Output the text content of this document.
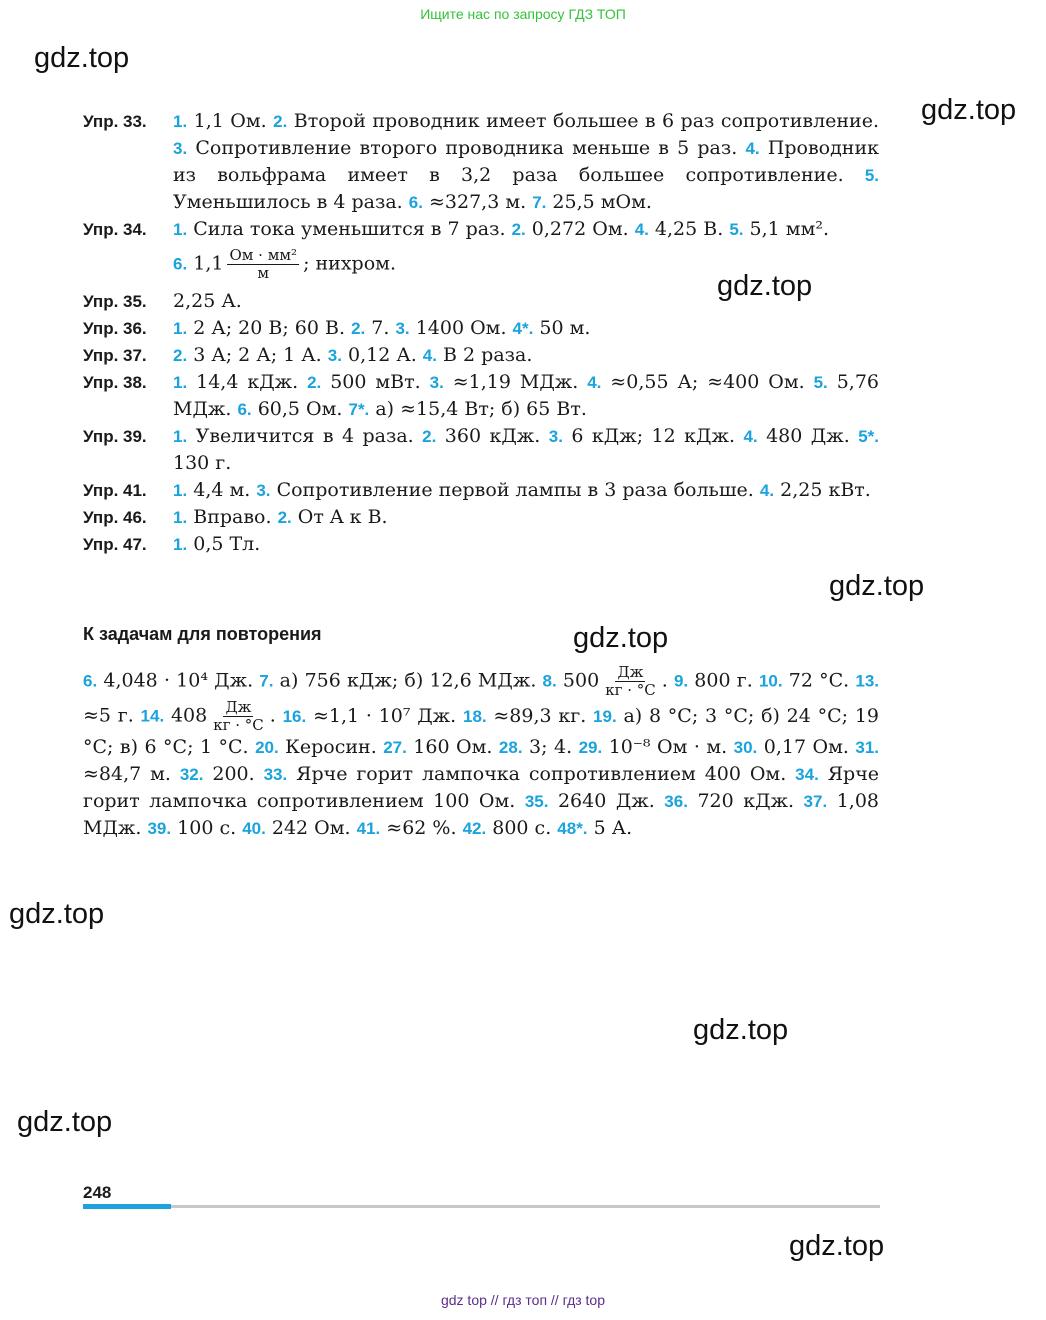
Ищите нас по запросу ГДЗ ТОП
gdz.top
gdz.top
gdz.top
gdz.top
gdz.top
gdz.top
gdz.top
gdz.top
gdz.top
Упр. 33.	1. 1,1 Ом. 2. Второй проводник имеет большее в 6 раз сопротивление. 3. Сопротивление второго проводника меньше в 5 раз. 4. Проводник из вольфрама имеет в 3,2 раза большее сопротивление. 5. Уменьшилось в 4 раза. 6. ≈327,3 м. 7. 25,5 мОм.
Упр. 34.	1. Сила тока уменьшится в 7 раз. 2. 0,272 Ом. 4. 4,25 В. 5. 5,1 мм².
6. $1,1 \frac{\text{Ом · мм²}}{м}$ ; нихром.
Упр. 35.	2,25 А.
Упр. 36.	1. 2 А; 20 В; 60 В. 2. 7. 3. 1400 Ом. 4*. 50 м.
Упр. 37.	2. 3 А; 2 А; 1 А. 3. 0,12 А. 4. В 2 раза.
Упр. 38.	1. 14,4 кДж. 2. 500 мВт. 3. ≈1,19 МДж. 4. ≈0,55 А; ≈400 Ом. 5. 5,76 МДж. 6. 60,5 Ом. 7*. а) ≈15,4 Вт; б) 65 Вт.
Упр. 39.	1. Увеличится в 4 раза. 2. 360 кДж. 3. 6 кДж; 12 кДж. 4. 480 Дж. 5*. 130 г.
Упр. 41.	1. 4,4 м. 3. Сопротивление первой лампы в 3 раза больше. 4. 2,25 кВт.
Упр. 46.	1. Вправо. 2. От A к B.
Упр. 47.	1. 0,5 Тл.
К задачам для повторения
6. 4,048 · 10⁴ Дж. 7. а) 756 кДж; б) 12,6 МДж. 8. $500 \frac{Дж}{кг \cdot ^\circ С}$ . 9. 800 г. 10. 72 °С. 13. ≈5 г. 14. $408 \frac{Дж}{кг \cdot ^\circ С}$ . 16. ≈1,1 · 10⁷ Дж. 18. ≈89,3 кг. 19. а) 8 °С; 3 °С; б) 24 °С; 19 °С; в) 6 °С; 1 °С. 20. Керосин. 27. 160 Ом. 28. 3; 4. 29. 10⁻⁸ Ом · м. 30. 0,17 Ом. 31. ≈84,7 м. 32. 200. 33. Ярче горит лампочка сопротивлением 400 Ом. 34. Ярче горит лампочка сопротивлением 100 Ом. 35. 2640 Дж. 36. 720 кДж. 37. 1,08 МДж. 39. 100 с. 40. 242 Ом. 41. ≈62 %. 42. 800 с. 48*. 5 А.
248
gdz top // гдз топ // гдз top
